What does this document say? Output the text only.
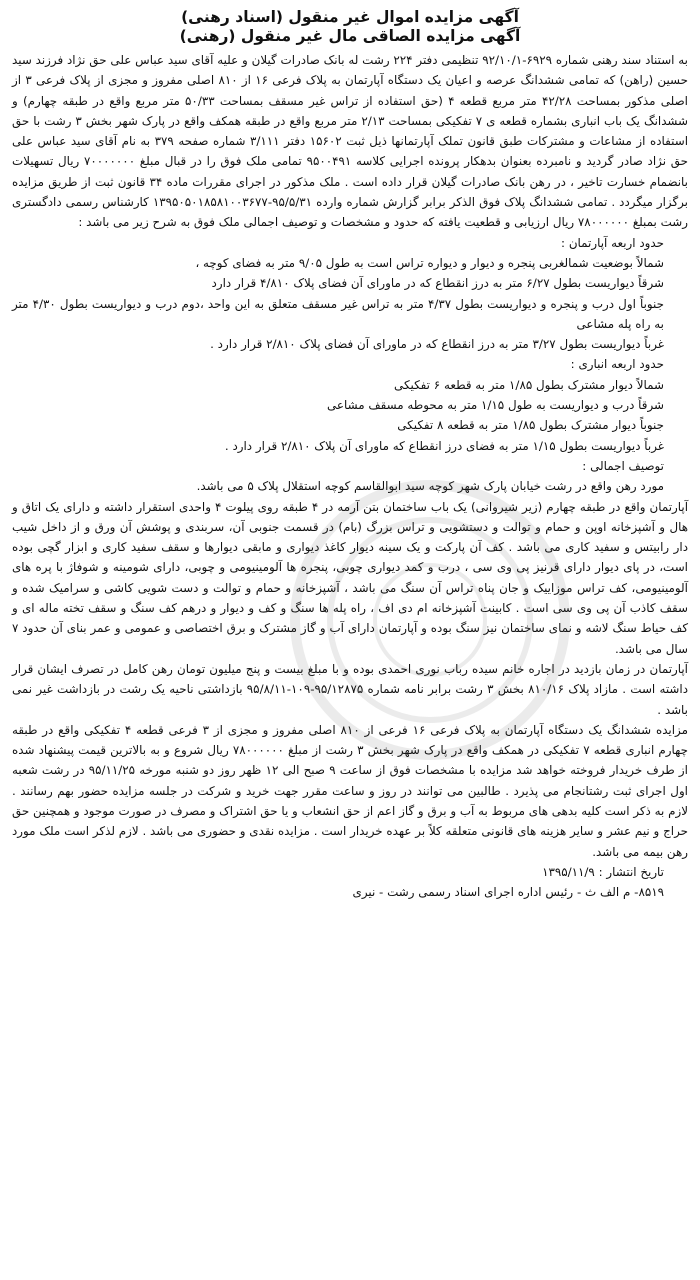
آگهی مزایده اموال غیر منقول (اسناد رهنی)
آگهی مزایده الصاقی مال غیر منقول (رهنی)

به استناد سند رهنی شماره ۶۹۲۹-۹۲/۱۰/۱ تنظیمی دفتر ۲۲۴ رشت له بانک صادرات گیلان و علیه آقای سید عباس علی حق نژاد فرزند سید حسین (راهن) که تمامی ششدانگ عرصه و اعیان یک دستگاه آپارتمان به پلاک فرعی ۱۶ از ۸۱۰ اصلی مفروز و مجزی از پلاک فرعی ۳ از اصلی مذکور بمساحت ۴۲/۲۸ متر مربع قطعه ۴ (حق استفاده از تراس غیر مسقف بمساحت ۵۰/۳۳ متر مربع واقع در طبقه چهارم) و ششدانگ یک باب انباری بشماره قطعه ی ۷ تفکیکی بمساحت ۲/۱۳ متر مربع واقع در طبقه همکف واقع در پارک شهر بخش ۳ رشت با حق استفاده از مشاعات و مشترکات طبق قانون تملک آپارتمانها ذیل ثبت ۱۵۶۰۲ دفتر ۳/۱۱۱ شماره صفحه ۳۷۹ به نام آقای سید عباس علی حق نژاد صادر گردید و نامبرده بعنوان بدهکار پرونده اجرایی کلاسه ۹۵۰۰۴۹۱ تمامی ملک فوق را در قبال مبلغ ۷۰۰۰۰۰۰۰ ریال تسهیلات بانضمام خسارت تاخیر ، در رهن بانک صادرات گیلان قرار داده است . ملک مذکور در اجرای مقررات ماده ۳۴ قانون ثبت از طریق مزایده برگزار میگردد . تمامی ششدانگ پلاک فوق الذکر برابر گزارش شماره وارده ۹۵/۵/۳۱-۱۳۹۵۰۵۰۱۸۵۸۱۰۰۳۶۷۷ کارشناس رسمی دادگستری رشت بمبلغ ۷۸۰۰۰۰۰۰ ریال ارزیابی و قطعیت یافته که حدود و مشخصات و توصیف اجمالی ملک فوق به شرح زیر می باشد :

حدود اربعه آپارتمان :

شمالاً بوضعیت شمالغربی پنجره و دیوار و دیواره تراس است به طول ۹/۰۵ متر به فضای کوچه ،

شرقاً دیواریست بطول ۶/۲۷ متر به درز انقطاع که در ماورای آن فضای پلاک ۴/۸۱۰ قرار دارد

جنوباً اول درب و پنجره و دیواریست بطول ۴/۳۷ متر به تراس غیر مسقف متعلق به این واحد ،دوم درب و دیواریست بطول ۴/۳۰ متر به راه پله مشاعی

غرباً دیواریست بطول ۳/۲۷ متر به درز انقطاع که در ماورای آن فضای پلاک ۲/۸۱۰ قرار دارد .

حدود اربعه انباری :

شمالاً دیوار مشترک بطول ۱/۸۵ متر به قطعه ۶ تفکیکی

شرقاً درب و دیواریست به طول ۱/۱۵ متر به محوطه مسقف مشاعی

جنوباً دیوار مشترک بطول ۱/۸۵ متر به قطعه ۸ تفکیکی

غرباً دیواریست بطول ۱/۱۵ متر به فضای درز انقطاع که ماورای آن پلاک ۲/۸۱۰ قرار دارد .

توصیف اجمالی :

مورد رهن واقع در رشت خیابان پارک شهر کوچه سید ابوالقاسم کوچه استقلال پلاک ۵ می باشد.

آپارتمان واقع در طبقه چهارم (زیر شیروانی) یک باب ساختمان بتن آرمه در ۴ طبقه روی پیلوت ۴ واحدی استقرار داشته و دارای یک اتاق و هال و آشپزخانه اوپن و حمام و توالت و دستشویی و تراس بزرگ (بام) در قسمت جنوبی آن، سربندی و پوشش آن ورق و از داخل شیب دار رابیتس و سفید کاری می باشد . کف آن پارکت و یک سینه دیوار کاغذ دیواری و مابقی دیوارها و سقف سفید کاری و ابزار گچی بوده است، در پای دیوار دارای قرنیز پی وی سی ، درب و کمد دیواری چوبی، پنجره ها آلومینیومی و چوبی، دارای شومینه و شوفاژ با پره های آلومینیومی، کف تراس موزاییک و جان پناه تراس آن سنگ می باشد ، آشپزخانه و حمام و توالت و دست شویی کاشی و سرامیک شده و سقف کاذب آن پی وی سی است . کابینت آشپزخانه ام دی اف ، راه پله ها سنگ و کف و دیوار و درهم کف سنگ و سقف تخته ماله ای و کف حیاط سنگ لاشه و نمای ساختمان نیز سنگ بوده و آپارتمان دارای آب و گاز مشترک و برق اختصاصی و عمومی و عمر بنای آن حدود ۷ سال می باشد.

آپارتمان در زمان بازدید در اجاره خانم سیده رباب نوری احمدی بوده و با مبلغ بیست و پنج میلیون تومان رهن کامل در تصرف ایشان قرار داشته است . مازاد پلاک ۸۱۰/۱۶ بخش ۳ رشت برابر نامه شماره ۹۵/۱۲۸۷۵-۱۰۹-۹۵/۸/۱۱ بازداشتی ناحیه یک رشت در بازداشت غیر نمی باشد .

مزایده ششدانگ یک دستگاه آپارتمان به پلاک فرعی ۱۶ فرعی از ۸۱۰ اصلی مفروز و مجزی از ۳ فرعی قطعه ۴ تفکیکی واقع در طبقه چهارم انباری قطعه ۷ تفکیکی در همکف واقع در پارک شهر بخش ۳ رشت از مبلغ ۷۸۰۰۰۰۰۰ ریال شروع و به بالاترین قیمت پیشنهاد شده از طرف خریدار فروخته خواهد شد مزایده با مشخصات فوق از ساعت ۹ صبح الی ۱۲ ظهر روز دو شنبه مورخه ۹۵/۱۱/۲۵ در رشت شعبه اول اجرای ثبت رشتانجام می پذیرد . طالبین می توانند در روز و ساعت مقرر جهت خرید و شرکت در جلسه مزایده حضور بهم رسانند . لازم به ذکر است کلیه بدهی های مربوط به آب و برق و گاز اعم از حق انشعاب و یا حق اشتراک و مصرف در صورت موجود و همچنین حق حراج و نیم عشر و سایر هزینه های قانونی متعلقه کلاً بر عهده خریدار است . مزایده نقدی و حضوری می باشد . لازم لذکر است ملک مورد رهن بیمه می باشد.

تاریخ انتشار : ۱۳۹۵/۱۱/۹

۸۵۱۹- م الف ث - رئیس اداره اجرای اسناد رسمی رشت - نیری
